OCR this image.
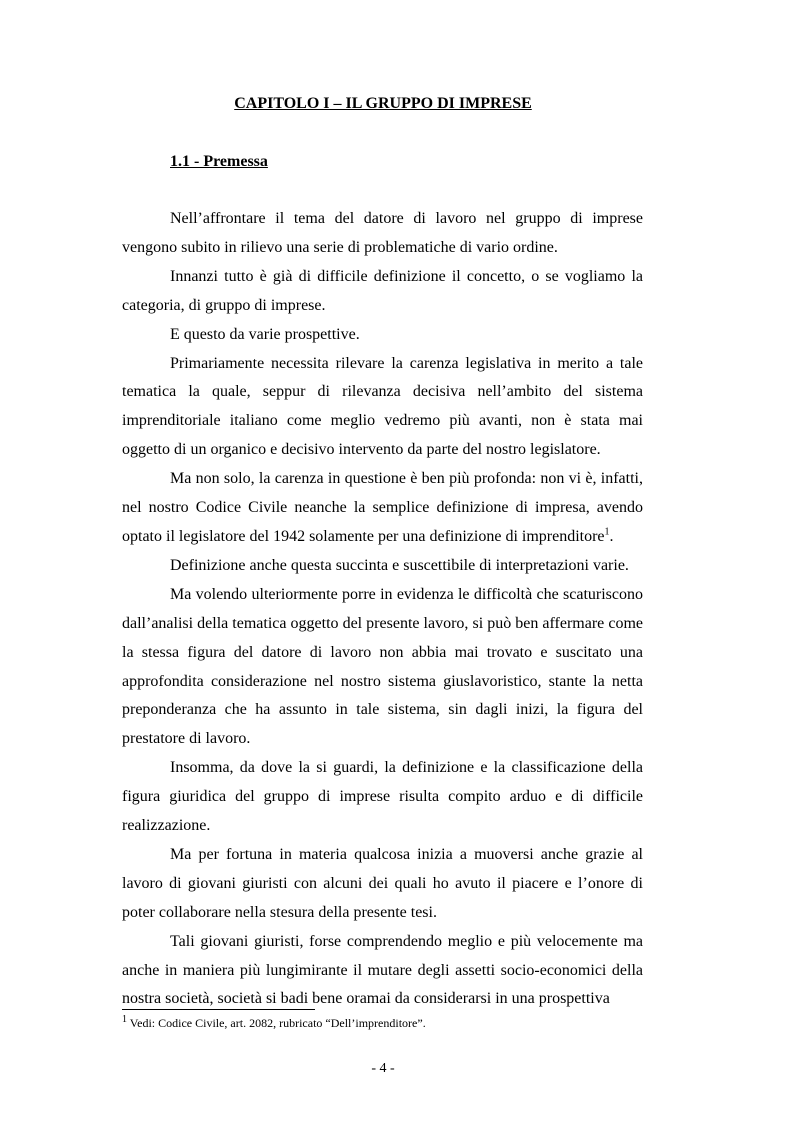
CAPITOLO I – IL GRUPPO DI IMPRESE
1.1 - Premessa

Nell’affrontare il tema del datore di lavoro nel gruppo di imprese vengono subito in rilievo una serie di problematiche di vario ordine.

Innanzi tutto è già di difficile definizione il concetto, o se vogliamo la categoria, di gruppo di imprese.

E questo da varie prospettive.

Primariamente necessita rilevare la carenza legislativa in merito a tale tematica la quale, seppur di rilevanza decisiva nell’ambito del sistema imprenditoriale italiano come meglio vedremo più avanti, non è stata mai oggetto di un organico e decisivo intervento da parte del nostro legislatore.

Ma non solo, la carenza in questione è ben più profonda: non vi è, infatti, nel nostro Codice Civile neanche la semplice definizione di impresa, avendo optato il legislatore del 1942 solamente per una definizione di imprenditore$^1$.

Definizione anche questa succinta e suscettibile di interpretazioni varie.

Ma volendo ulteriormente porre in evidenza le difficoltà che scaturiscono dall’analisi della tematica oggetto del presente lavoro, si può ben affermare come la stessa figura del datore di lavoro non abbia mai trovato e suscitato una approfondita considerazione nel nostro sistema giuslavoristico, stante la netta preponderanza che ha assunto in tale sistema, sin dagli inizi, la figura del prestatore di lavoro.

Insomma, da dove la si guardi, la definizione e la classificazione della figura giuridica del gruppo di imprese risulta compito arduo e di difficile realizzazione.

Ma per fortuna in materia qualcosa inizia a muoversi anche grazie al lavoro di giovani giuristi con alcuni dei quali ho avuto il piacere e l’onore di poter collaborare nella stesura della presente tesi.

Tali giovani giuristi, forse comprendendo meglio e più velocemente ma anche in maniera più lungimirante il mutare degli assetti socio-economici della nostra società, società si badi bene oramai da considerarsi in una prospettiva

$^1$ Vedi: Codice Civile, art. 2082, rubricato “Dell’imprenditore”.

- 4 -
